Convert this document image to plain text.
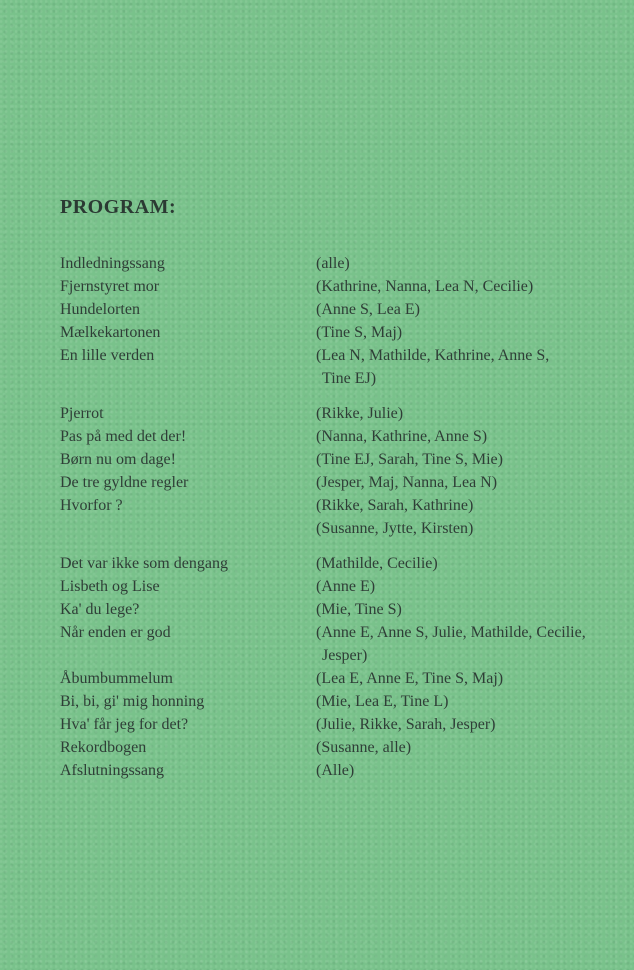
PROGRAM:
Indledningssang	(alle)
Fjernstyret mor	(Kathrine, Nanna, Lea N, Cecilie)
Hundelorten	(Anne S, Lea E)
Mælkekartonen	(Tine S, Maj)
En lille verden	(Lea N, Mathilde, Kathrine, Anne S,
Tine EJ)
Pjerrot	(Rikke, Julie)
Pas på med det der!	(Nanna, Kathrine, Anne S)
Børn nu om dage!	(Tine EJ, Sarah, Tine S, Mie)
De tre gyldne regler	(Jesper, Maj, Nanna, Lea N)
Hvorfor ?	(Rikke, Sarah, Kathrine)
(Susanne, Jytte, Kirsten)
Det var ikke som dengang	(Mathilde, Cecilie)
Lisbeth og Lise	(Anne E)
Ka' du lege?	(Mie, Tine S)
Når enden er god	(Anne E, Anne S, Julie, Mathilde, Cecilie,
Jesper)
Åbumbummelum	(Lea E, Anne E, Tine S, Maj)
Bi, bi, gi' mig honning	(Mie, Lea E, Tine L)
Hva' får jeg for det?	(Julie, Rikke, Sarah, Jesper)
Rekordbogen	(Susanne, alle)
Afslutningssang	(Alle)
